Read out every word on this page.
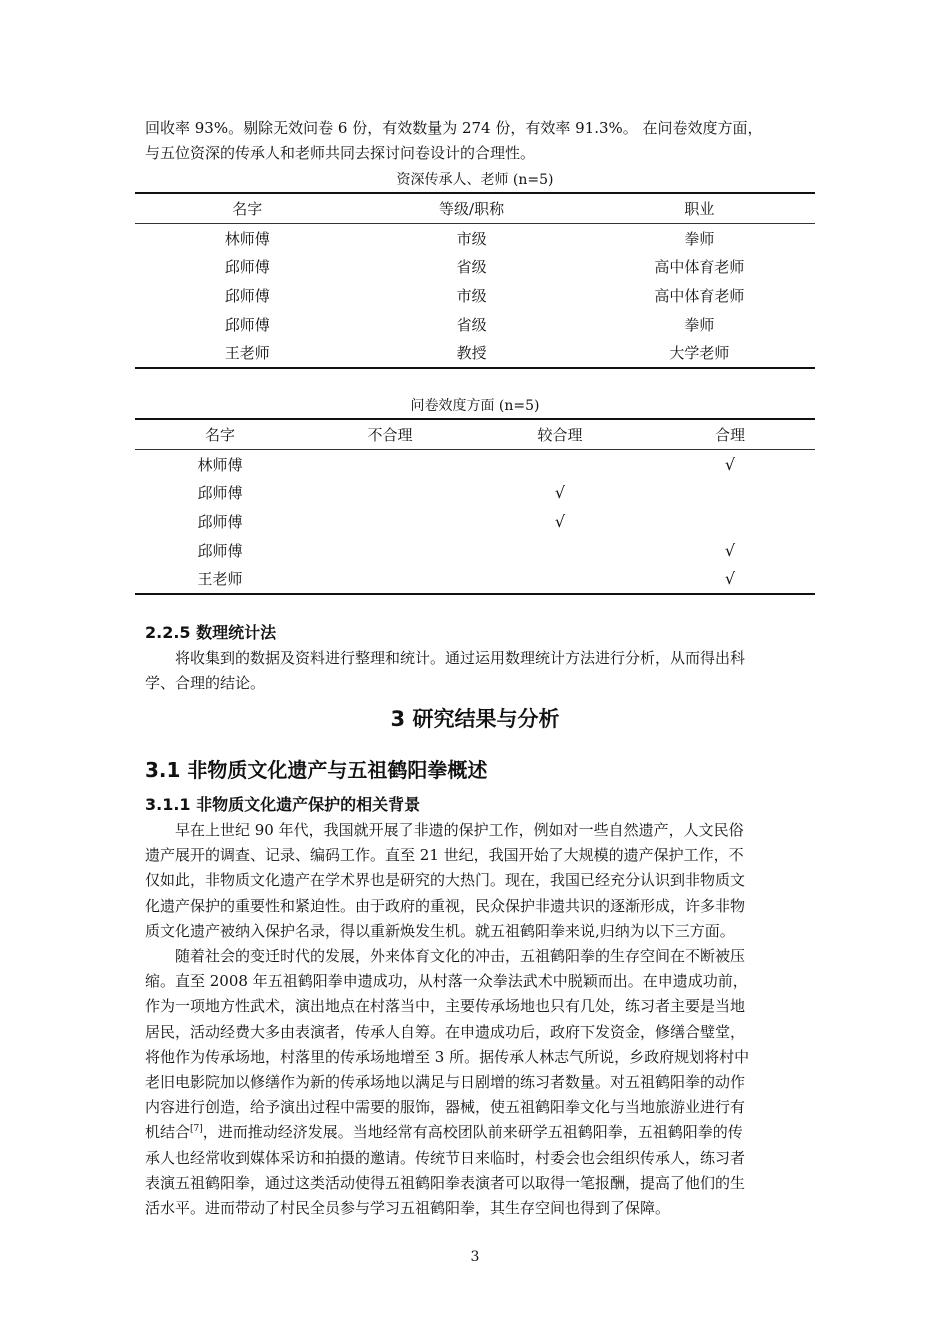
回收率 93%。剔除无效问卷 6 份，有效数量为 274 份，有效率 91.3%。 在问卷效度方面，
与五位资深的传承人和老师共同去探讨问卷设计的合理性。
资深传承人、老师 (n=5)
名字	等级/职称	职业
林师傅	市级	拳师
邱师傅	省级	高中体育老师
邱师傅	市级	高中体育老师
邱师傅	省级	拳师
王老师	教授	大学老师
问卷效度方面 (n=5)
名字	不合理	较合理	合理
林师傅			√
邱师傅		√	
邱师傅		√	
邱师傅			√
王老师			√
2.2.5 数理统计法
将收集到的数据及资料进行整理和统计。通过运用数理统计方法进行分析，从而得出科
学、合理的结论。
3 研究结果与分析
3.1 非物质文化遗产与五祖鹤阳拳概述
3.1.1 非物质文化遗产保护的相关背景
早在上世纪 90 年代，我国就开展了非遗的保护工作，例如对一些自然遗产，人文民俗
遗产展开的调查、记录、编码工作。直至 21 世纪，我国开始了大规模的遗产保护工作，不
仅如此，非物质文化遗产在学术界也是研究的大热门。现在，我国已经充分认识到非物质文
化遗产保护的重要性和紧迫性。由于政府的重视，民众保护非遗共识的逐渐形成，许多非物
质文化遗产被纳入保护名录，得以重新焕发生机。就五祖鹤阳拳来说,归纳为以下三方面。
随着社会的变迁时代的发展，外来体育文化的冲击，五祖鹤阳拳的生存空间在不断被压
缩。直至 2008 年五祖鹤阳拳申遗成功，从村落一众拳法武术中脱颖而出。在申遗成功前，
作为一项地方性武术，演出地点在村落当中，主要传承场地也只有几处，练习者主要是当地
居民，活动经费大多由表演者，传承人自筹。在申遗成功后，政府下发资金，修缮合璧堂，
将他作为传承场地，村落里的传承场地增至 3 所。据传承人林志气所说，乡政府规划将村中
老旧电影院加以修缮作为新的传承场地以满足与日剧增的练习者数量。对五祖鹤阳拳的动作
内容进行创造，给予演出过程中需要的服饰，器械，使五祖鹤阳拳文化与当地旅游业进行有
机结合[7]，进而推动经济发展。当地经常有高校团队前来研学五祖鹤阳拳，五祖鹤阳拳的传
承人也经常收到媒体采访和拍摄的邀请。传统节日来临时，村委会也会组织传承人，练习者
表演五祖鹤阳拳，通过这类活动使得五祖鹤阳拳表演者可以取得一笔报酬，提高了他们的生
活水平。进而带动了村民全员参与学习五祖鹤阳拳，其生存空间也得到了保障。
3
